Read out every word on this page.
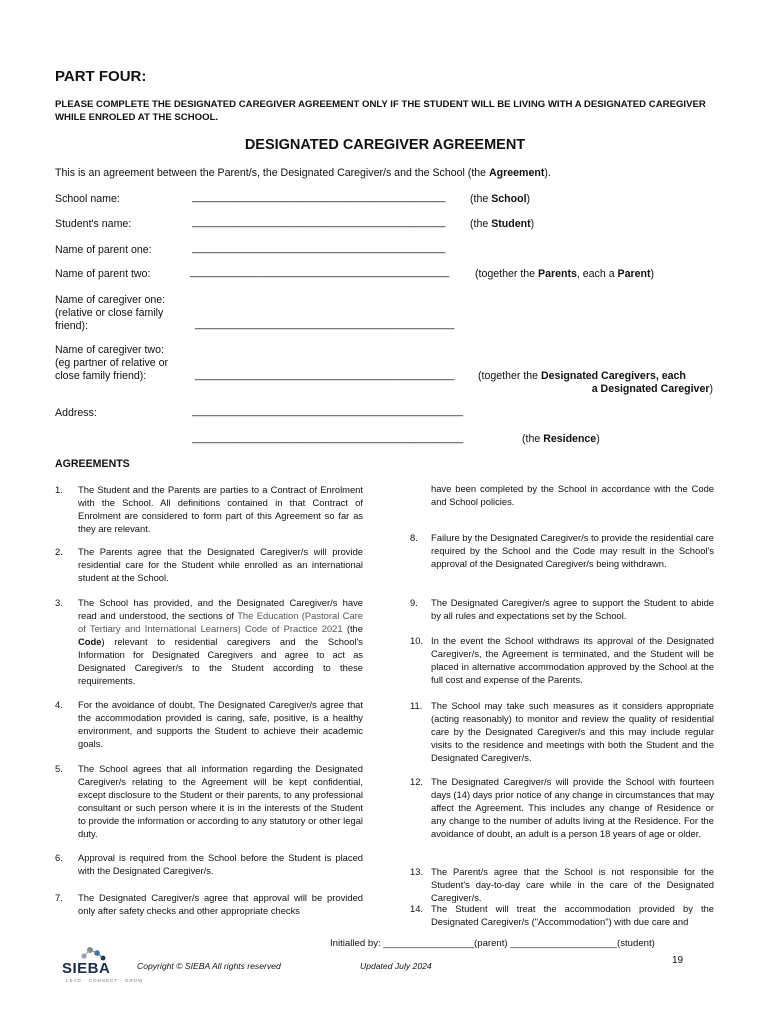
PART FOUR:
PLEASE COMPLETE THE DESIGNATED CAREGIVER AGREEMENT ONLY IF THE STUDENT WILL BE LIVING WITH A DESIGNATED CAREGIVER WHILE ENROLED AT THE SCHOOL.
DESIGNATED CAREGIVER AGREEMENT
This is an agreement between the Parent/s, the Designated Caregiver/s and the School (the Agreement).
School name:	___________________________________________ (the School)
Student's name:	___________________________________________ (the Student)
Name of parent one:	___________________________________________
Name of parent two:	____________________________________________ (together the Parents, each a Parent)
Name of caregiver one:
(relative or close family
friend):	____________________________________________
Name of caregiver two:
(eg partner of relative or
close family friend):	____________________________________________ (together the Designated Caregivers, each
a Designated Caregiver)
Address:	______________________________________________
______________________________________________	(the Residence)
AGREEMENTS
1. The Student and the Parents are parties to a Contract of Enrolment with the School. All definitions contained in that Contract of Enrolment are considered to form part of this Agreement so far as they are relevant.
2. The Parents agree that the Designated Caregiver/s will provide residential care for the Student while enrolled as an international student at the School.
3. The School has provided, and the Designated Caregiver/s have read and understood, the sections of The Education (Pastoral Care of Tertiary and International Learners) Code of Practice 2021 (the Code) relevant to residential caregivers and the School's Information for Designated Caregivers and agree to act as Designated Caregiver/s to the Student according to these requirements.
4. For the avoidance of doubt, The Designated Caregiver/s agree that the accommodation provided is caring, safe, positive, is a healthy environment, and supports the Student to achieve their academic goals.
5. The School agrees that all information regarding the Designated Caregiver/s relating to the Agreement will be kept confidential, except disclosure to the Student or their parents, to any professional consultant or such person where it is in the interests of the Student to provide the information or according to any statutory or other legal duty.
6. Approval is required from the School before the Student is placed with the Designated Caregiver/s.
7. The Designated Caregiver/s agree that approval will be provided only after safety checks and other appropriate checks
have been completed by the School in accordance with the Code and School policies.
8. Failure by the Designated Caregiver/s to provide the residential care required by the School and the Code may result in the School's approval of the Designated Caregiver/s being withdrawn.
9. The Designated Caregiver/s agree to support the Student to abide by all rules and expectations set by the School.
10. In the event the School withdraws its approval of the Designated Caregiver/s, the Agreement is terminated, and the Student will be placed in alternative accommodation approved by the School at the full cost and expense of the Parents.
11. The School may take such measures as it considers appropriate (acting reasonably) to monitor and review the quality of residential care by the Designated Caregiver/s and this may include regular visits to the residence and meetings with both the Student and the Designated Caregiver/s.
12. The Designated Caregiver/s will provide the School with fourteen days (14) days prior notice of any change in circumstances that may affect the Agreement. This includes any change of Residence or any change to the number of adults living at the Residence. For the avoidance of doubt, an adult is a person 18 years of age or older.
13. The Parent/s agree that the School is not responsible for the Student's day-to-day care while in the care of the Designated Caregiver/s.
14. The Student will treat the accommodation provided by the Designated Caregiver/s ("Accommodation") with due care and
Initialled by: _________________(parent) ____________________(student)
SIEBA
LEAD · CONNECT · GROW
Copyright © SIEBA All rights reserved	Updated July 2024	19
